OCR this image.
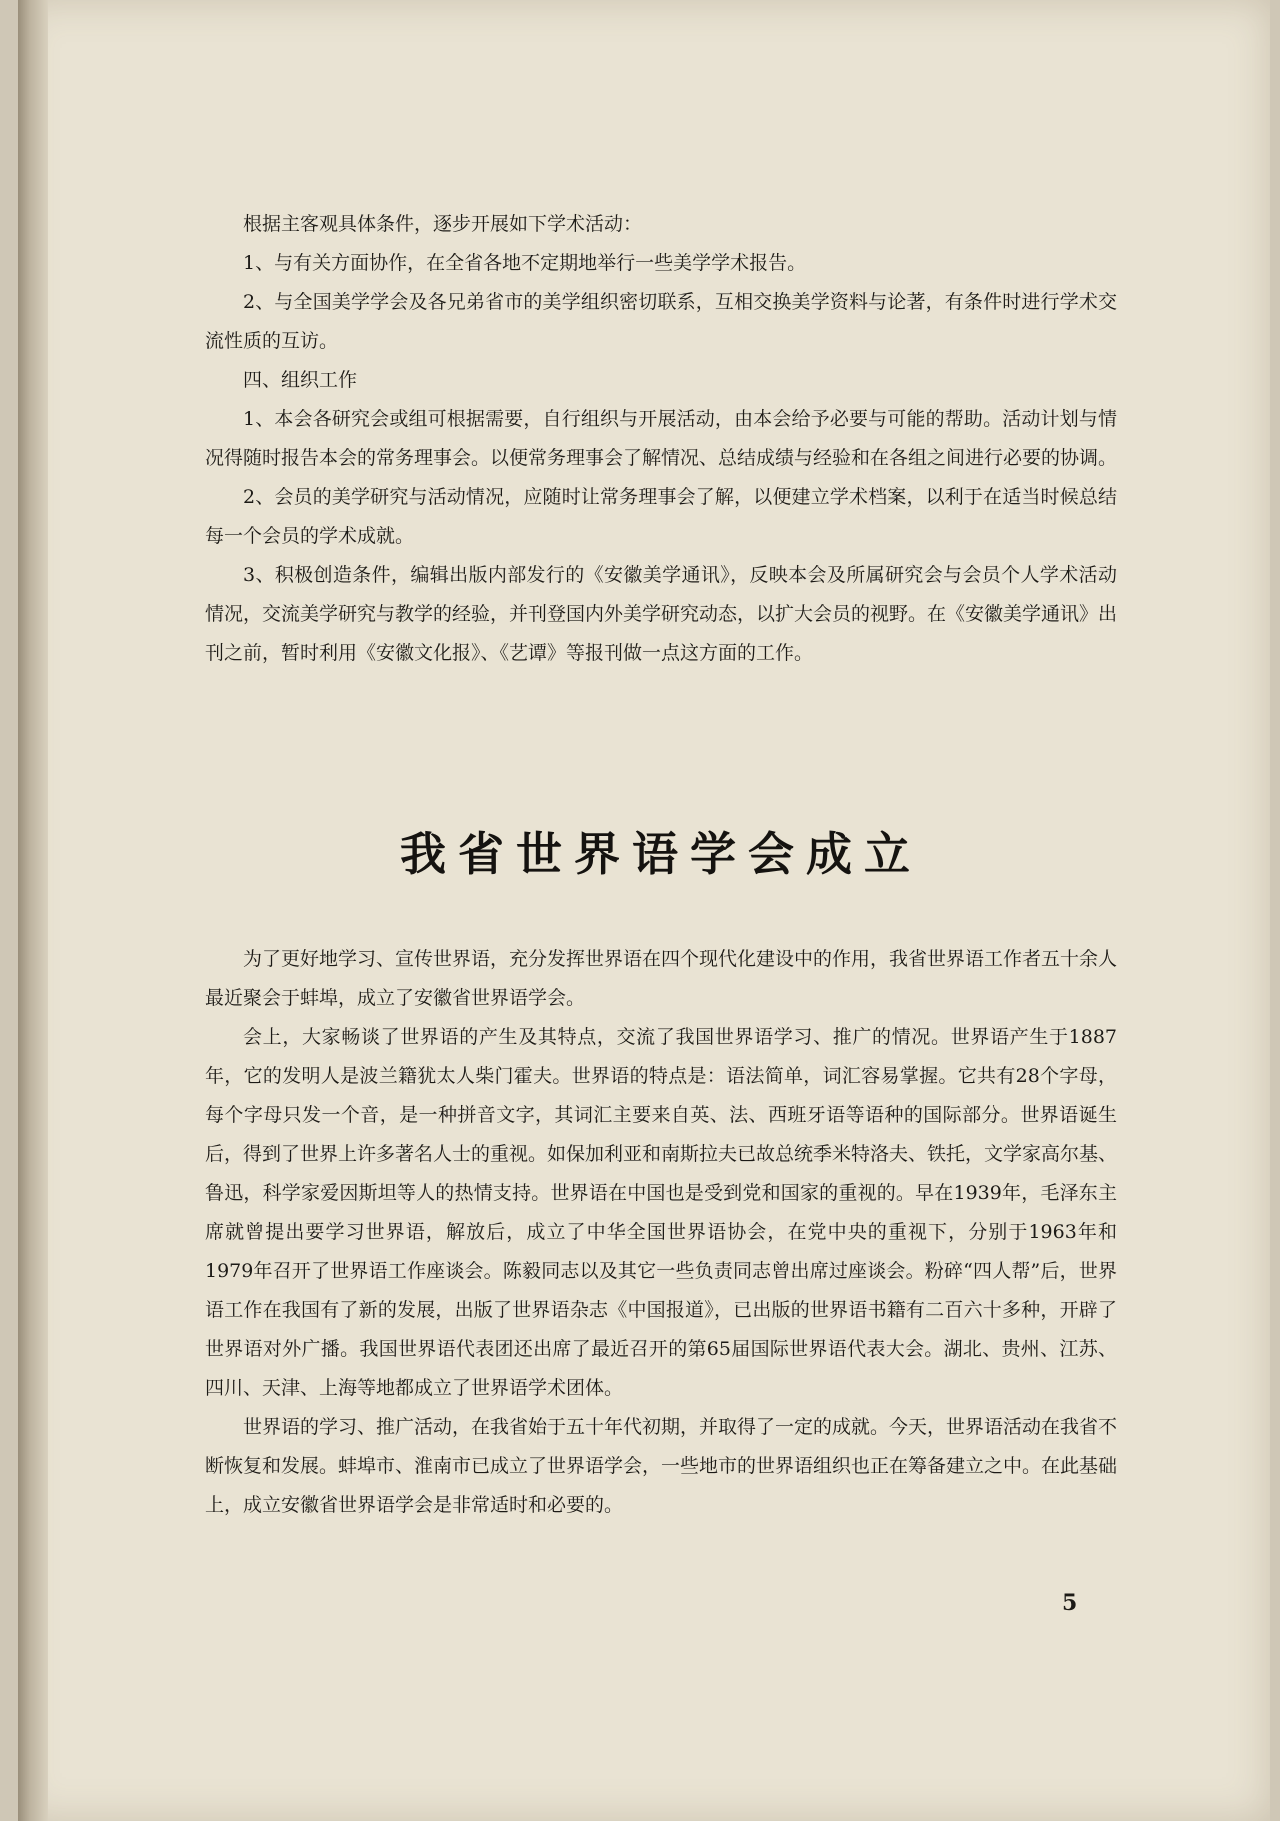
根据主客观具体条件，逐步开展如下学术活动：

1、与有关方面协作，在全省各地不定期地举行一些美学学术报告。

2、与全国美学学会及各兄弟省市的美学组织密切联系，互相交换美学资料与论著，有条件时进行学术交流性质的互访。

四、组织工作

1、本会各研究会或组可根据需要，自行组织与开展活动，由本会给予必要与可能的帮助。活动计划与情况得随时报告本会的常务理事会。以便常务理事会了解情况、总结成绩与经验和在各组之间进行必要的协调。

2、会员的美学研究与活动情况，应随时让常务理事会了解，以便建立学术档案，以利于在适当时候总结每一个会员的学术成就。

3、积极创造条件，编辑出版内部发行的《安徽美学通讯》，反映本会及所属研究会与会员个人学术活动情况，交流美学研究与教学的经验，并刊登国内外美学研究动态，以扩大会员的视野。在《安徽美学通讯》出刊之前，暂时利用《安徽文化报》、《艺谭》等报刊做一点这方面的工作。

我省世界语学会成立

为了更好地学习、宣传世界语，充分发挥世界语在四个现代化建设中的作用，我省世界语工作者五十余人最近聚会于蚌埠，成立了安徽省世界语学会。

会上，大家畅谈了世界语的产生及其特点，交流了我国世界语学习、推广的情况。世界语产生于1887年，它的发明人是波兰籍犹太人柴门霍夫。世界语的特点是：语法简单，词汇容易掌握。它共有28个字母，每个字母只发一个音，是一种拼音文字，其词汇主要来自英、法、西班牙语等语种的国际部分。世界语诞生后，得到了世界上许多著名人士的重视。如保加利亚和南斯拉夫已故总统季米特洛夫、铁托，文学家高尔基、鲁迅，科学家爱因斯坦等人的热情支持。世界语在中国也是受到党和国家的重视的。早在1939年，毛泽东主席就曾提出要学习世界语，解放后，成立了中华全国世界语协会，在党中央的重视下，分别于1963年和1979年召开了世界语工作座谈会。陈毅同志以及其它一些负责同志曾出席过座谈会。粉碎“四人帮”后，世界语工作在我国有了新的发展，出版了世界语杂志《中国报道》，已出版的世界语书籍有二百六十多种，开辟了世界语对外广播。我国世界语代表团还出席了最近召开的第65届国际世界语代表大会。湖北、贵州、江苏、四川、天津、上海等地都成立了世界语学术团体。

世界语的学习、推广活动，在我省始于五十年代初期，并取得了一定的成就。今天，世界语活动在我省不断恢复和发展。蚌埠市、淮南市已成立了世界语学会，一些地市的世界语组织也正在筹备建立之中。在此基础上，成立安徽省世界语学会是非常适时和必要的。

5
